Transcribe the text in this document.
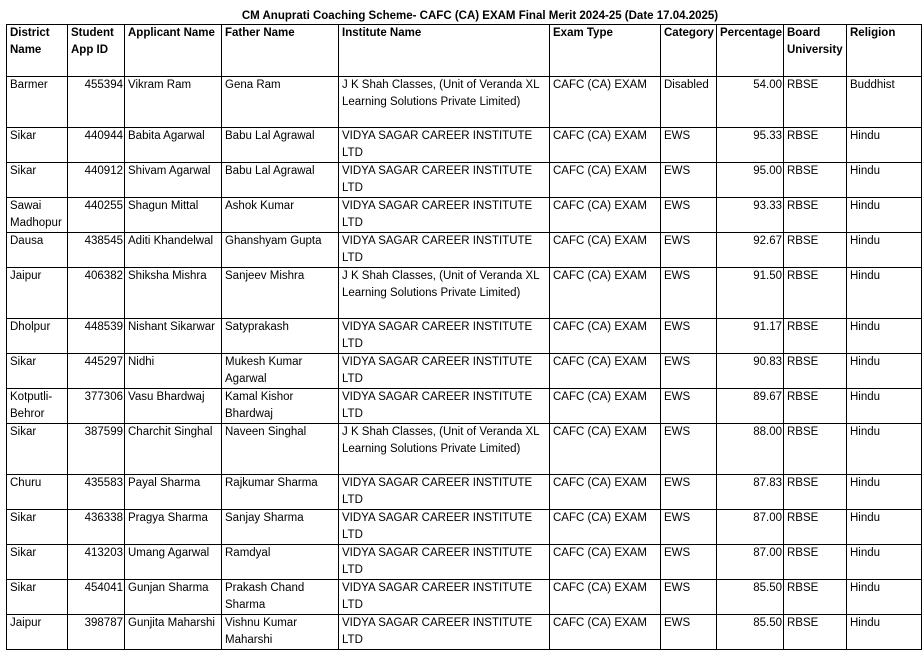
CM Anuprati Coaching Scheme- CAFC (CA) EXAM Final Merit 2024-25 (Date 17.04.2025)
District Name	Student App ID	Applicant Name	Father Name	Institute Name	Exam Type	Category	Percentage	Board University	Religion
Barmer	455394	Vikram Ram	Gena Ram	J K Shah Classes, (Unit of Veranda XL Learning Solutions Private Limited)	CAFC (CA) EXAM	Disabled	54.00	RBSE	Buddhist
Sikar	440944	Babita Agarwal	Babu Lal Agrawal	VIDYA SAGAR CAREER INSTITUTE LTD	CAFC (CA) EXAM	EWS	95.33	RBSE	Hindu
Sikar	440912	Shivam Agarwal	Babu Lal Agrawal	VIDYA SAGAR CAREER INSTITUTE LTD	CAFC (CA) EXAM	EWS	95.00	RBSE	Hindu
Sawai Madhopur	440255	Shagun Mittal	Ashok Kumar	VIDYA SAGAR CAREER INSTITUTE LTD	CAFC (CA) EXAM	EWS	93.33	RBSE	Hindu
Dausa	438545	Aditi Khandelwal	Ghanshyam Gupta	VIDYA SAGAR CAREER INSTITUTE LTD	CAFC (CA) EXAM	EWS	92.67	RBSE	Hindu
Jaipur	406382	Shiksha Mishra	Sanjeev Mishra	J K Shah Classes, (Unit of Veranda XL Learning Solutions Private Limited)	CAFC (CA) EXAM	EWS	91.50	RBSE	Hindu
Dholpur	448539	Nishant Sikarwar	Satyprakash	VIDYA SAGAR CAREER INSTITUTE LTD	CAFC (CA) EXAM	EWS	91.17	RBSE	Hindu
Sikar	445297	Nidhi	Mukesh Kumar Agarwal	VIDYA SAGAR CAREER INSTITUTE LTD	CAFC (CA) EXAM	EWS	90.83	RBSE	Hindu
Kotputli-Behror	377306	Vasu Bhardwaj	Kamal Kishor Bhardwaj	VIDYA SAGAR CAREER INSTITUTE LTD	CAFC (CA) EXAM	EWS	89.67	RBSE	Hindu
Sikar	387599	Charchit Singhal	Naveen Singhal	J K Shah Classes, (Unit of Veranda XL Learning Solutions Private Limited)	CAFC (CA) EXAM	EWS	88.00	RBSE	Hindu
Churu	435583	Payal Sharma	Rajkumar Sharma	VIDYA SAGAR CAREER INSTITUTE LTD	CAFC (CA) EXAM	EWS	87.83	RBSE	Hindu
Sikar	436338	Pragya Sharma	Sanjay Sharma	VIDYA SAGAR CAREER INSTITUTE LTD	CAFC (CA) EXAM	EWS	87.00	RBSE	Hindu
Sikar	413203	Umang Agarwal	Ramdyal	VIDYA SAGAR CAREER INSTITUTE LTD	CAFC (CA) EXAM	EWS	87.00	RBSE	Hindu
Sikar	454041	Gunjan Sharma	Prakash Chand Sharma	VIDYA SAGAR CAREER INSTITUTE LTD	CAFC (CA) EXAM	EWS	85.50	RBSE	Hindu
Jaipur	398787	Gunjita Maharshi	Vishnu Kumar Maharshi	VIDYA SAGAR CAREER INSTITUTE LTD	CAFC (CA) EXAM	EWS	85.50	RBSE	Hindu
